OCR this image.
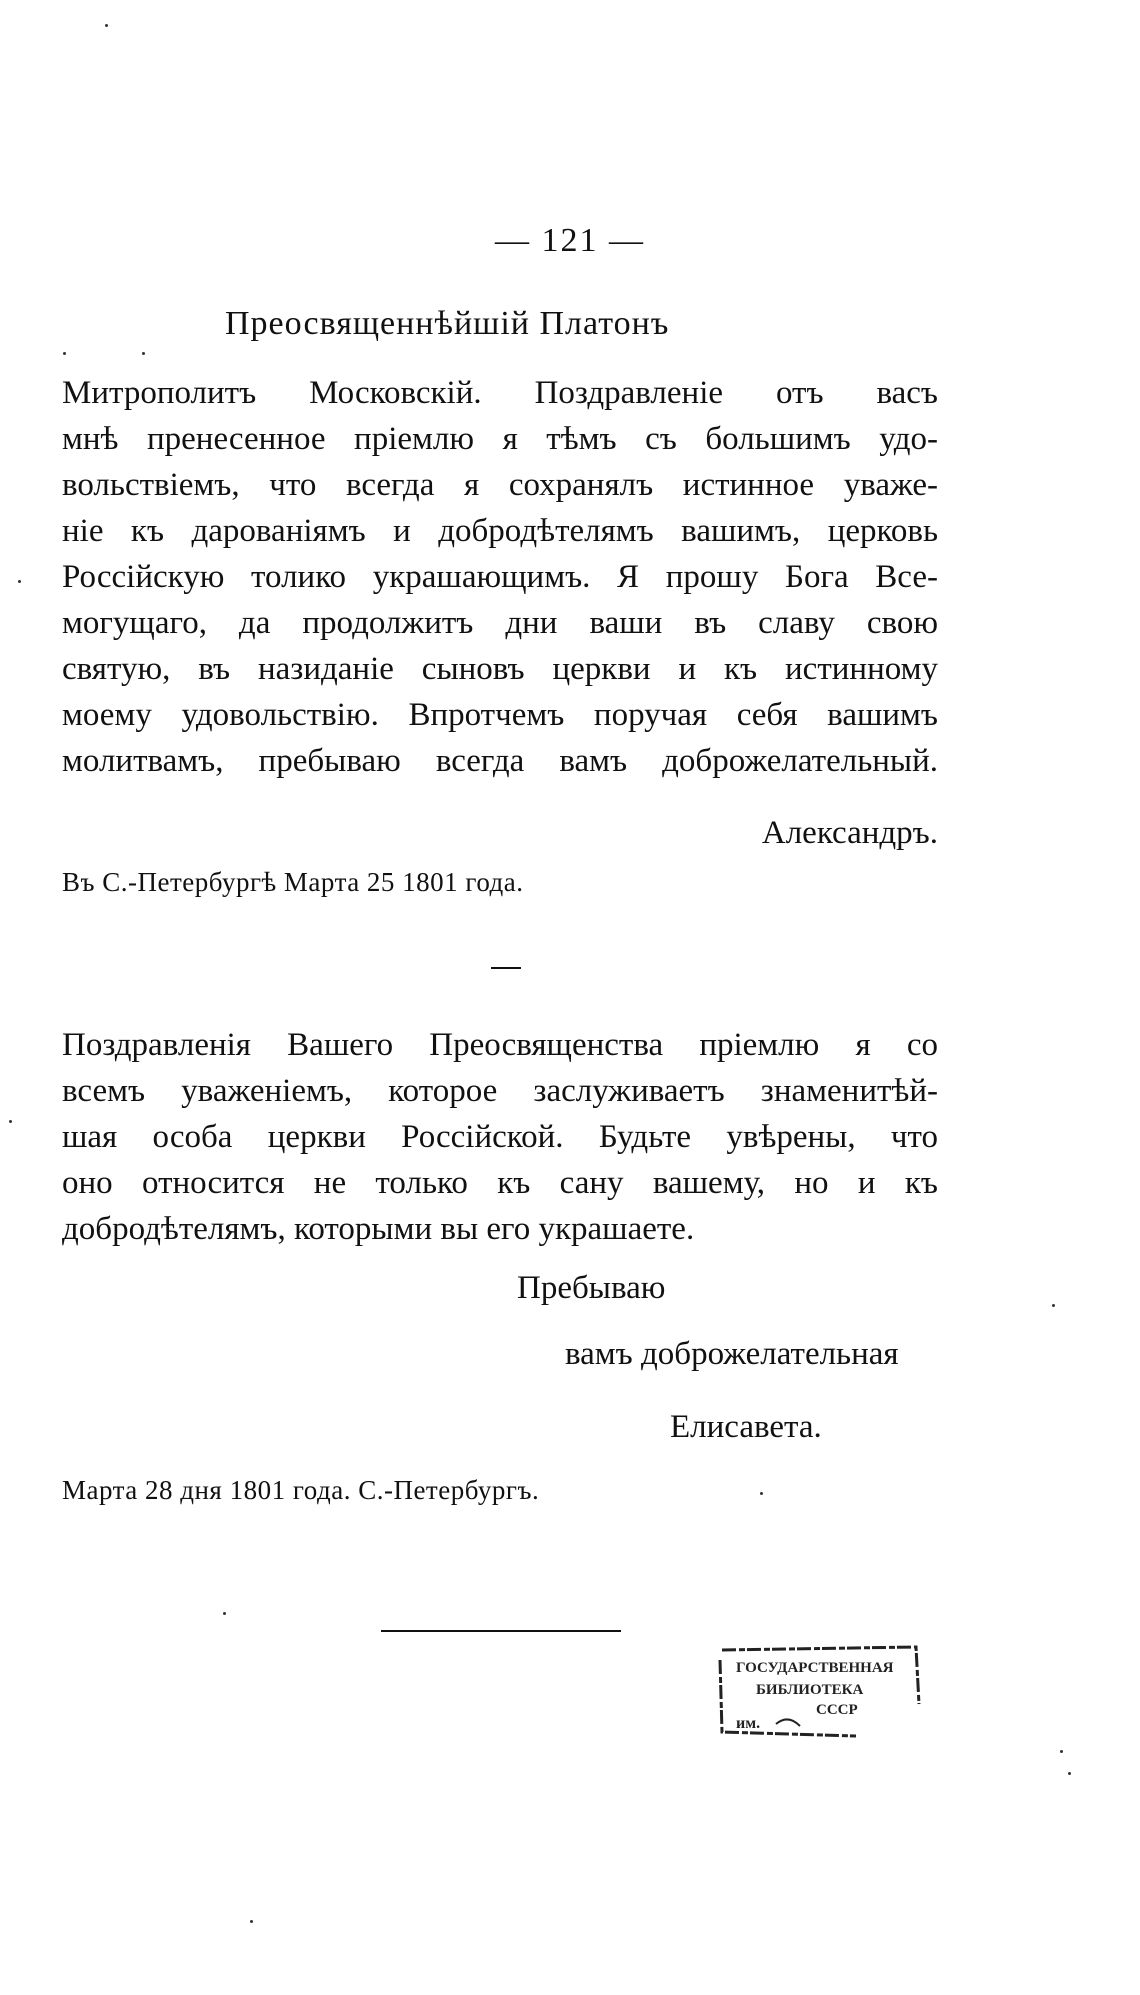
— 121 —
Преосвященнѣйшій Платонъ
Митрополитъ Московскій. Поздравленіе отъ васъ
мнѣ пренесенное пріемлю я тѣмъ съ большимъ удо-
вольствіемъ, что всегда я сохранялъ истинное уваже-
ніе къ дарованіямъ и добродѣтелямъ вашимъ, церковь
Россійскую толико украшающимъ. Я прошу Бога Все-
могущаго, да продолжитъ дни ваши въ славу свою
святую, въ назиданіе сыновъ церкви и къ истинному
моему удовольствію. Впротчемъ поручая себя вашимъ
молитвамъ, пребываю всегда вамъ доброжелательный.
Александръ.
Въ С.-Петербургѣ Марта 25 1801 года.
Поздравленія Вашего Преосвященства пріемлю я со
всемъ уваженіемъ, которое заслуживаетъ знаменитѣй-
шая особа церкви Россійской. Будьте увѣрены, что
оно относится не только къ сану вашему, но и къ
добродѣтелямъ, которыми вы его украшаете.
Пребываю
вамъ доброжелательная
Елисавета.
Марта 28 дня 1801 года. С.-Петербургъ.
ГОСУДАРСТВЕННАЯ
БИБЛИОТЕКА
СССР
им.
